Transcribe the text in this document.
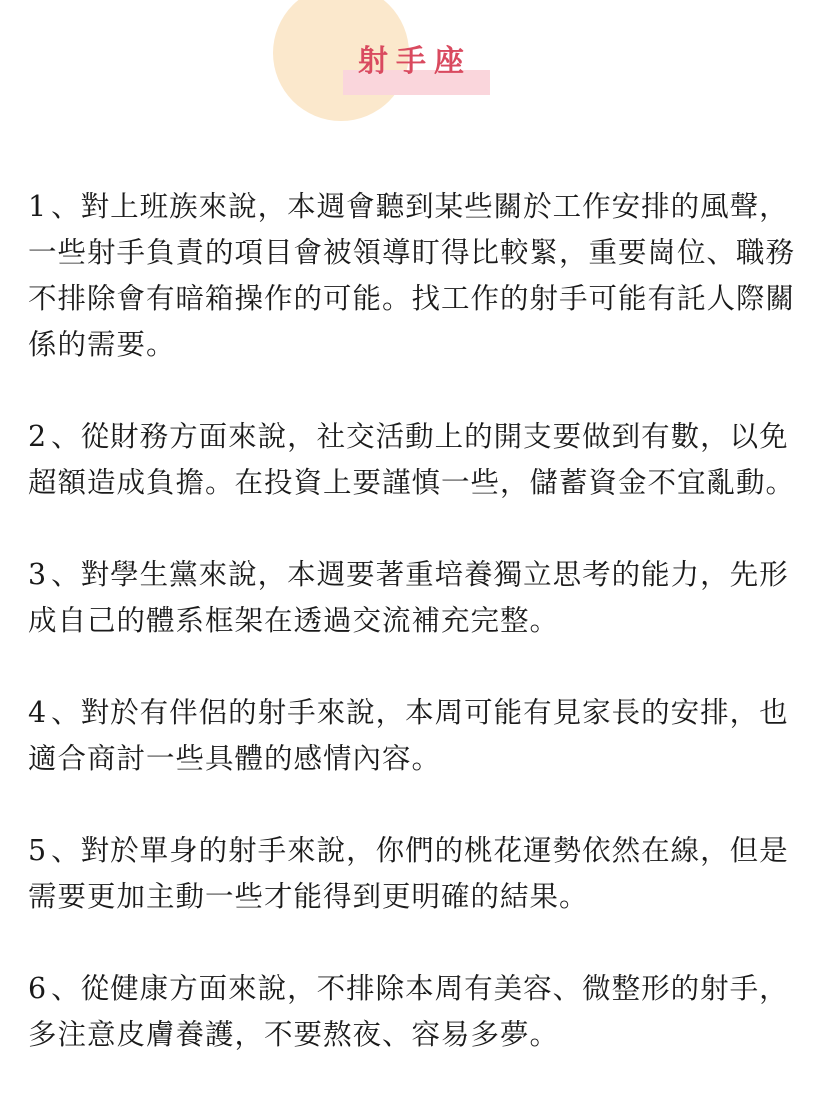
射手座

1 、對上班族來說，本週會聽到某些關於工作安排的風聲，一些射手負責的項目會被領導盯得比較緊，重要崗位、職務不排除會有暗箱操作的可能。找工作的射手可能有託人際關係的需要。

2 、從財務方面來說，社交活動上的開支要做到有數，以免超額造成負擔。在投資上要謹慎一些，儲蓄資金不宜亂動。

3 、對學生黨來說，本週要著重培養獨立思考的能力，先形成自己的體系框架在透過交流補充完整。

4 、對於有伴侶的射手來說，本周可能有見家長的安排，也適合商討一些具體的感情內容。

5 、對於單身的射手來說，你們的桃花運勢依然在線，但是需要更加主動一些才能得到更明確的結果。

6 、從健康方面來說，不排除本周有美容、微整形的射手，多注意皮膚養護，不要熬夜、容易多夢。
